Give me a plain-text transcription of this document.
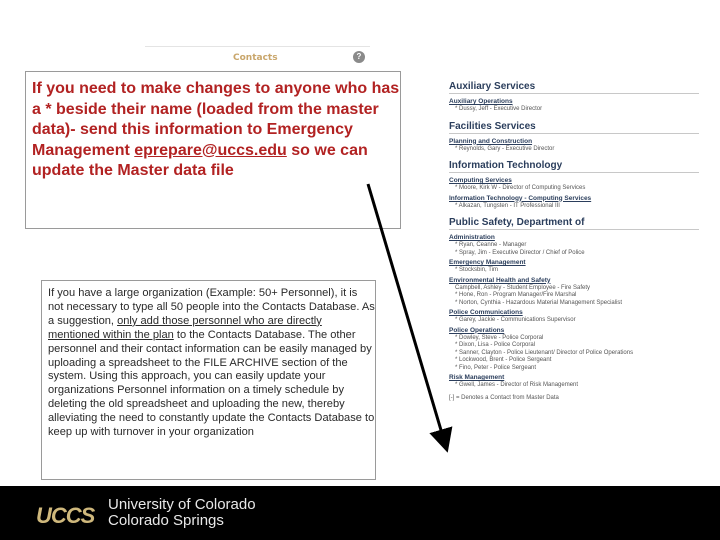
Contacts	?

If you need to make changes to anyone who has a * beside their name (loaded from the master data)- send this information to Emergency Management eprepare@uccs.edu so we can update the Master data file

If you have a large organization (Example: 50+ Personnel), it is not necessary to type all 50 people into the Contacts Database. As a suggestion, only add those personnel who are directly mentioned within the plan to the Contacts Database. The other personnel and their contact information can be easily managed by uploading a spreadsheet to the FILE ARCHIVE section of the system. Using this approach, you can easily update your organizations Personnel information on a timely schedule by deleting the old spreadsheet and uploading the new, thereby alleviating the need to constantly update the Contacts Database to keep up with turnover in your organization

Auxiliary Services
Auxiliary Operations
* Dussy, Jeff - Executive Director
Facilities Services
Planning and Construction
* Reynolds, Gary - Executive Director
Information Technology
Computing Services
* Moore, Kirk W - Director of Computing Services
Information Technology - Computing Services
* Alkazan, Tungsten - IT Professional III
Public Safety, Department of
Administration
* Ryan, Ceanne - Manager
* Spray, Jim - Executive Director / Chief of Police
Emergency Management
* Stocksbin, Tim
Environmental Health and Safety
Campbell, Ashley - Student Employee - Fire Safety
* Hone, Ron - Program Manager/Fire Marshal
* Norton, Cynthia - Hazardous Material Management Specialist
Police Communications
* Garey, Jackie - Communications Supervisor
Police Operations
* Dowley, Steve - Police Corporal
* Dixon, Lisa - Police Corporal
* Sanner, Clayton - Police Lieutenant/ Director of Police Operations
* Lockwood, Brent - Police Sergeant
* Fino, Peter - Police Sergeant
Risk Management
* Gwell, James - Director of Risk Management
[-] = Denotes a Contact from Master Data
UCCS University of Colorado
Colorado Springs
